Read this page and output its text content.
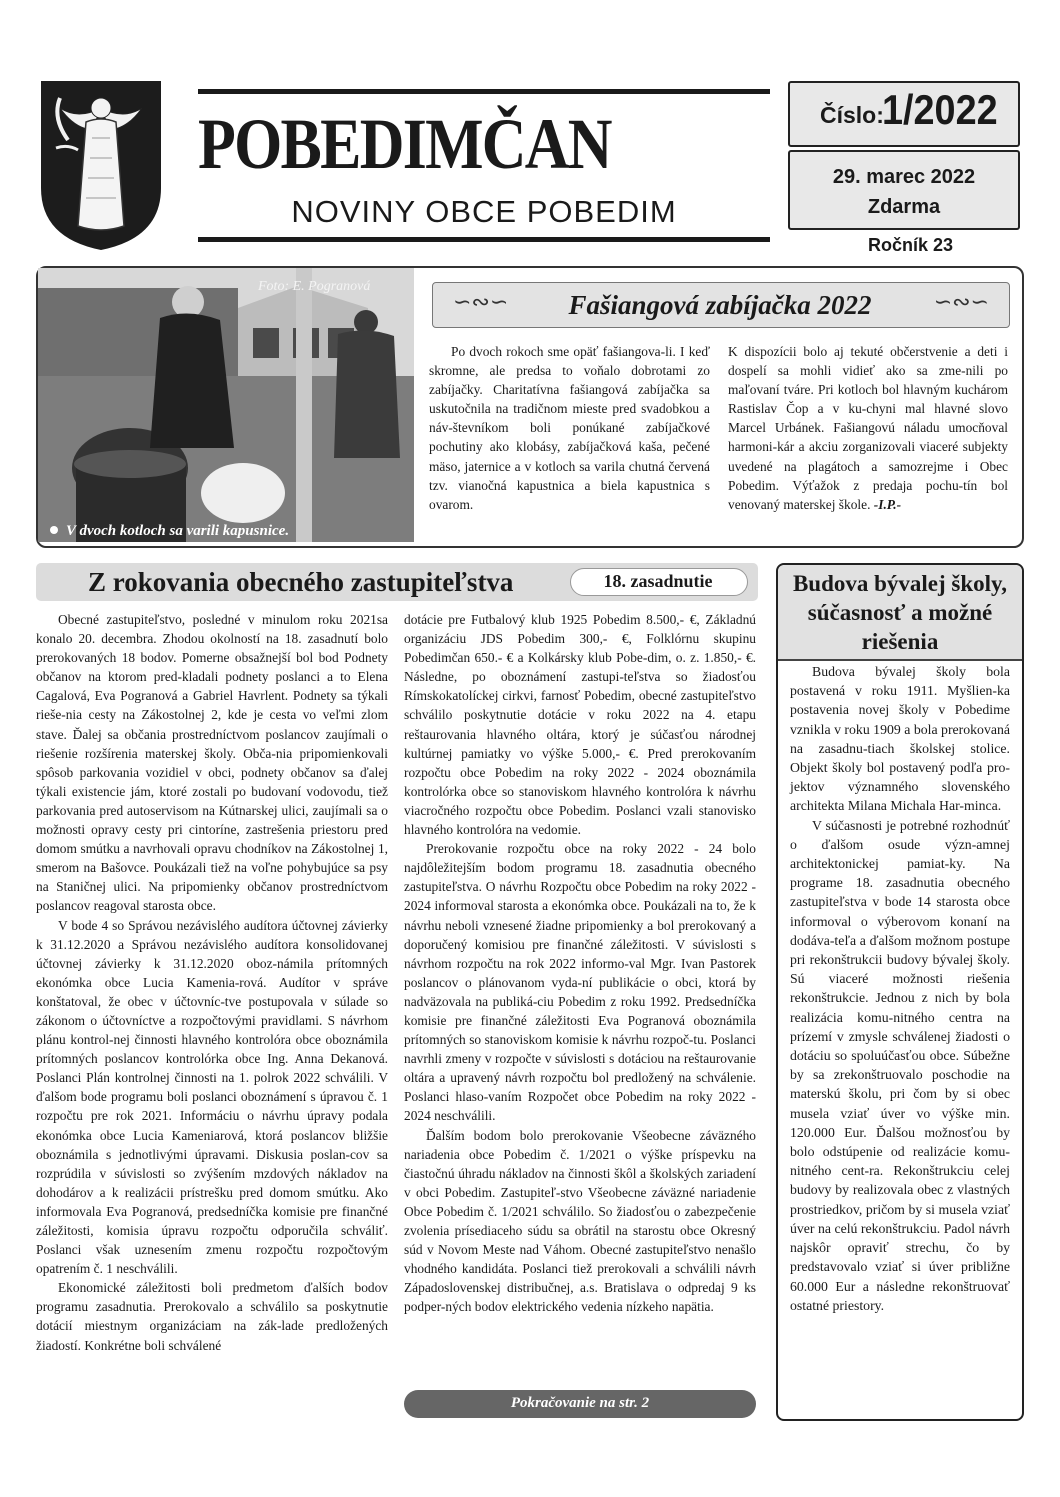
POBEDIMČAN
NOVINY OBCE POBEDIM
Číslo:
1/2022
29. marec 2022
Zdarma
Ročník 23
Foto: E. Pogranová
V dvoch kotloch sa varili kapusnice.
∽∾∽	∽∾∽
Fašiangová zabíjačka 2022

Po dvoch rokoch sme opäť fašiangova-li. I keď skromne, ale predsa to voňalo dobrotami zo zabíjačky. Charitatívna fašiangová zabíjačka sa uskutočnila na tradičnom mieste pred svadobkou a náv-števníkom boli ponúkané zabíjačkové pochutiny ako klobásy, zabíjačková kaša, pečené mäso, jaternice a v kotloch sa varila chutná červená tzv. vianočná kapustnica a biela kapustnica s ovarom.

K dispozícii bolo aj tekuté občerstvenie a deti i dospelí sa mohli vidieť ako sa zme-nili po maľovaní tváre. Pri kotloch bol hlavným kuchárom Rastislav Čop a v ku-chyni mal hlavné slovo Marcel Urbánek. Fašiangovú náladu umocňoval harmoni-kár a akciu zorganizovali viaceré subjekty uvedené na plagátoch a samozrejme i Obec Pobedim. Výťažok z predaja pochu-tín bol venovaný materskej škole. -I.P.-

Z rokovania obecného zastupiteľstva	18. zasadnutie

Obecné zastupiteľstvo, posledné v minulom roku 2021sa konalo 20. decembra. Zhodou okolností na 18. zasadnutí bolo prerokovaných 18 bodov. Pomerne obsažnejší bol bod Podnety občanov na ktorom pred-kladali podnety poslanci a to Elena Cagalová, Eva Pogranová a Gabriel Havrlent. Podnety sa týkali rieše-nia cesty na Zákostolnej 2, kde je cesta vo veľmi zlom stave. Ďalej sa občania prostredníctvom poslancov zaujímali o riešenie rozšírenia materskej školy. Obča-nia pripomienkovali spôsob parkovania vozidiel v obci, podnety občanov sa ďalej týkali existencie jám, ktoré zostali po budovaní vodovodu, tiež parkovania pred autoservisom na Kútnarskej ulici, zaujímali sa o možnosti opravy cesty pri cintoríne, zastrešenia priestoru pred domom smútku a navrhovali opravu chodníkov na Zákostolnej 1, smerom na Bašovce. Poukázali tiež na voľne pohybujúce sa psy na Staničnej ulici. Na pripomienky občanov prostredníctvom poslancov reagoval starosta obce.

V bode 4 so Správou nezávislého audítora účtovnej závierky k 31.12.2020 a Správou nezávislého audítora konsolidovanej účtovnej závierky k 31.12.2020 oboz-námila prítomných ekonómka obce Lucia Kamenia-rová. Audítor v správe konštatoval, že obec v účtovníc-tve postupovala v súlade so zákonom o účtovníctve a rozpočtovými pravidlami. S návrhom plánu kontrol-nej činnosti hlavného kontrolóra obce oboznámila prítomných poslancov kontrolórka obce Ing. Anna Dekanová. Poslanci Plán kontrolnej činnosti na 1. polrok 2022 schválili. V ďalšom bode programu boli poslanci oboznámení s úpravou č. 1 rozpočtu pre rok 2021. Informáciu o návrhu úpravy podala ekonómka obce Lucia Kameniarová, ktorá poslancov bližšie oboznámila s jednotlivými úpravami. Diskusia poslan-cov sa rozprúdila v súvislosti so zvýšením mzdových nákladov na dohodárov a k realizácii prístrešku pred domom smútku. Ako informovala Eva Pogranová, predsedníčka komisie pre finančné záležitosti, komisia úpravu rozpočtu odporučila schváliť. Poslanci však uznesením zmenu rozpočtu rozpočtovým opatrením č. 1 neschválili.

Ekonomické záležitosti boli predmetom ďalších bodov programu zasadnutia. Prerokovalo a schválilo sa poskytnutie dotácií miestnym organizáciam na zák-lade predložených žiadostí. Konkrétne boli schválené

dotácie pre Futbalový klub 1925 Pobedim 8.500,- €, Základnú organizáciu JDS Pobedim 300,- €, Folklórnu skupinu Pobedimčan 650.- € a Kolkársky klub Pobe-dim, o. z. 1.850,- €. Následne, po oboznámení zastupi-teľstva so žiadosťou Rímskokatolíckej cirkvi, farnosť Pobedim, obecné zastupiteľstvo schválilo poskytnutie dotácie v roku 2022 na 4. etapu reštaurovania hlavného oltára, ktorý je súčasťou národnej kultúrnej pamiatky vo výške 5.000,- €. Pred prerokovaním rozpočtu obce Pobedim na roky 2022 - 2024 oboznámila kontrolórka obce so stanoviskom hlavného kontrolóra k návrhu viacročného rozpočtu obce Pobedim. Poslanci vzali stanovisko hlavného kontrolóra na vedomie.

Prerokovanie rozpočtu obce na roky 2022 - 24 bolo najdôležitejším bodom programu 18. zasadnutia obecného zastupiteľstva. O návrhu Rozpočtu obce Pobedim na roky 2022 - 2024 informoval starosta a ekonómka obce. Poukázali na to, že k návrhu neboli vznesené žiadne pripomienky a bol prerokovaný a doporučený komisiou pre finančné záležitosti. V súvislosti s návrhom rozpočtu na rok 2022 informo-val Mgr. Ivan Pastorek poslancov o plánovanom vyda-ní publikácie o obci, ktorá by nadväzovala na publiká-ciu Pobedim z roku 1992. Predsedníčka komisie pre finančné záležitosti Eva Pogranová oboznámila prítomných so stanoviskom komisie k návrhu rozpoč-tu. Poslanci navrhli zmeny v rozpočte v súvislosti s dotáciou na reštaurovanie oltára a upravený návrh rozpočtu bol predložený na schválenie. Poslanci hlaso-vaním Rozpočet obce Pobedim na roky 2022 - 2024 neschválili.

Ďalším bodom bolo prerokovanie Všeobecne záväzného nariadenia obce Pobedim č. 1/2021 o výške príspevku na čiastočnú úhradu nákladov na činnosti škôl a školských zariadení v obci Pobedim. Zastupiteľ-stvo Všeobecne záväzné nariadenie Obce Pobedim č. 1/2021 schválilo. So žiadosťou o zabezpečenie zvolenia prísediaceho súdu sa obrátil na starostu obce Okresný súd v Novom Meste nad Váhom. Obecné zastupiteľstvo nenašlo vhodného kandidáta. Poslanci tiež prerokovali a schválili návrh Západoslovenskej distribučnej, a.s. Bratislava o odpredaj 9 ks podper-ných bodov elektrického vedenia nízkeho napätia.

Pokračovanie na str. 2
Budova bývalej školy, súčasnosť a možné riešenia

Budova bývalej školy bola postavená v roku 1911. Myšlien-ka postavenia novej školy v Pobedime vznikla v roku 1909 a bola prerokovaná na zasadnu-tiach školskej stolice. Objekt školy bol postavený podľa pro-jektov významného slovenského architekta Milana Michala Har-minca.

V súčasnosti je potrebné rozhodnúť o ďalšom osude význ-amnej architektonickej pamiat-ky. Na programe 18. zasadnutia obecného zastupiteľstva v bode 14 starosta obce informoval o výberovom konaní na dodáva-teľa a ďalšom možnom postupe pri rekonštrukcii budovy bývalej školy. Sú viaceré možnosti riešenia rekonštrukcie. Jednou z nich by bola realizácia komu-nitného centra na prízemí v zmysle schválenej žiadosti o dotáciu so spoluúčasťou obce. Súbežne by sa zrekonštruovalo poschodie na materskú školu, pri čom by si obec musela vziať úver vo výške min. 120.000 Eur. Ďalšou možnosťou by bolo odstúpenie od realizácie komu-nitného cent-ra. Rekonštrukciu celej budovy by realizovala obec z vlastných prostriedkov, pričom by si musela vziať úver na celú rekonštrukciu. Padol návrh najskôr opraviť strechu, čo by predstavovalo vziať si úver približne 60.000 Eur a následne rekonštruovať ostatné priestory.
